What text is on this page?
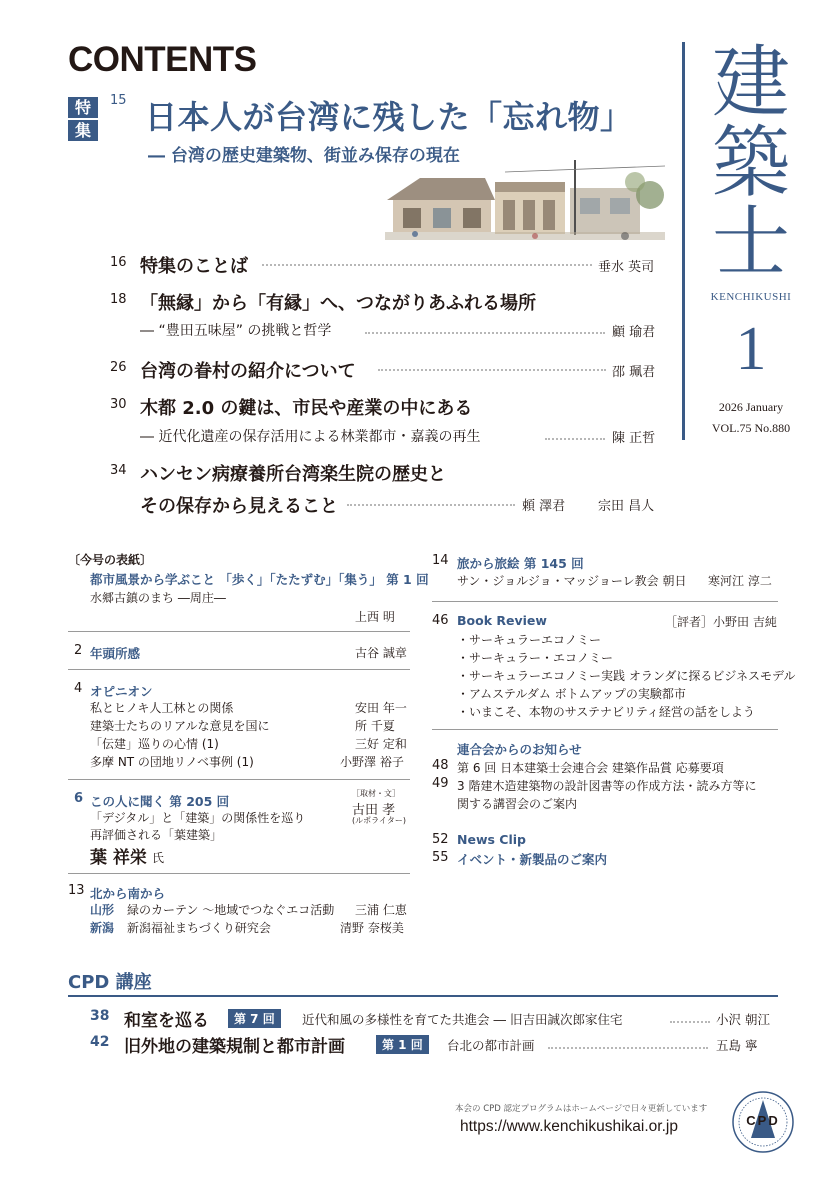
CONTENTS
特
集
15 日本人が台湾に残した「忘れ物」
― 台湾の歴史建築物、街並み保存の現在
建
築
士
KENCHIKUSHI
1
2026 January
VOL.75 No.880
16 特集のことば	垂水 英司
18 「無縁」から「有縁」へ、つながりあふれる場所
― “豊田五味屋” の挑戦と哲学	顧 瑜君
26 台湾の眷村の紹介について	邵 珮君
30 木都 2.0 の鍵は、市民や産業の中にある
― 近代化遺産の保存活用による林業都市・嘉義の再生	陳 正哲
34 ハンセン病療養所台湾楽生院の歴史と
その保存から見えること	頼 澤君	宗田 昌人
〔今号の表紙〕
都市風景から学ぶこと 「歩く」「たたずむ」「集う」 第 1 回
水郷古鎮のまち ―周庄―
上西 明
2 年頭所感	古谷 誠章
4 オピニオン
私とヒノキ人工林との関係	安田 年一
建築士たちのリアルな意見を国に	所 千夏
「伝建」巡りの心情 (1)	三好 定和
多摩 NT の団地リノベ事例 (1)	小野澤 裕子
6 この人に聞く 第 205 回
「デジタル」と「建築」の関係性を巡り
再評価される「葉建築」
葉 祥栄 氏
［取材・文］
古田 孝
(ルポライター)
13 北から南から
山形 緑のカーテン 〜地域でつなぐエコ活動 三浦 仁恵
新潟 新潟福祉まちづくり研究会	清野 奈桜美
14 旅から旅絵 第 145 回
サン・ジョルジョ・マッジョーレ教会 朝日 寒河江 淳二
46 Book Review	［評者］小野田 吉純
・サーキュラーエコノミー
・サーキュラー・エコノミー
・サーキュラーエコノミー実践 オランダに探るビジネスモデル
・アムステルダム ボトムアップの実験都市
・いまこそ、本物のサステナビリティ経営の話をしよう
連合会からのお知らせ
48 第 6 回 日本建築士会連合会 建築作品賞 応募要項
49 3 階建木造建築物の設計図書等の作成方法・読み方等に
関する講習会のご案内
52 News Clip
55 イベント・新製品のご案内
CPD 講座
38 和室を巡る	第 7 回	近代和風の多様性を育てた共進会 ― 旧吉田誠次郎家住宅	小沢 朝江
42 旧外地の建築規制と都市計画	第 1 回	台北の都市計画	五島 寧
本会の CPD 認定プログラムはホームページで日々更新しています
https://www.kenchikushikai.or.jp	CPD
